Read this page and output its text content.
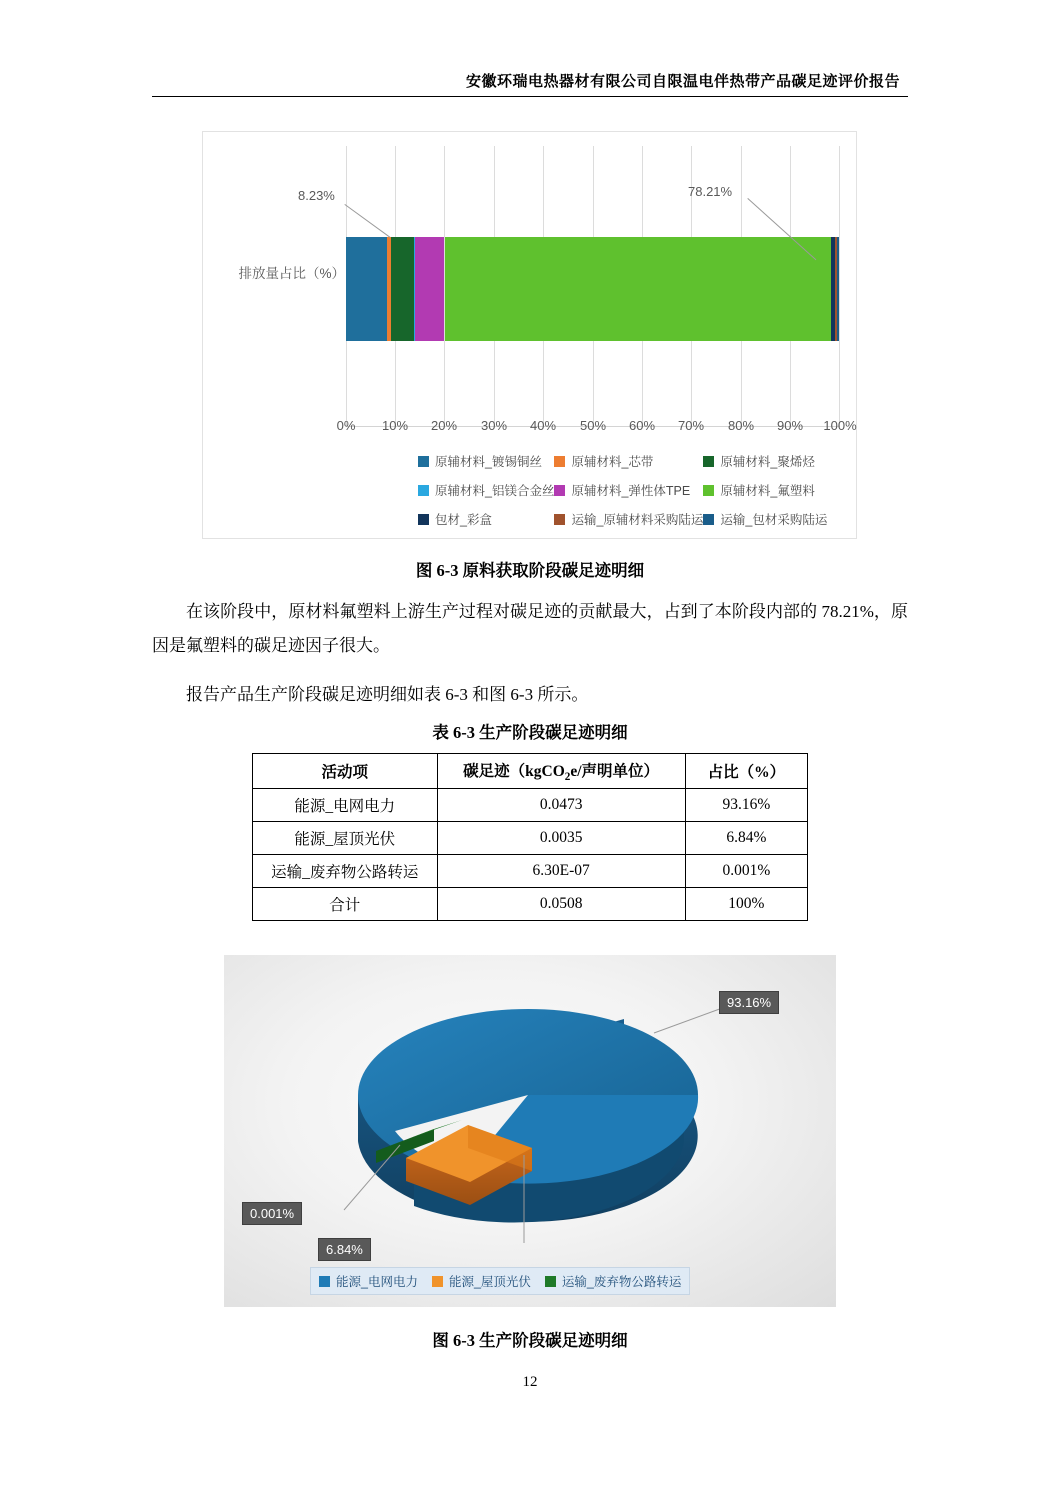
安徽环瑞电热器材有限公司自限温电伴热带产品碳足迹评价报告
排放量占比（%）
0% 10% 20% 30% 40% 50% 60% 70% 80% 90% 100%
8.23%	78.21%
原辅材料_镀锡铜丝 原辅材料_芯带	原辅材料_聚烯烃
原辅材料_铝镁合金丝 原辅材料_弹性体TPE 原辅材料_氟塑料
包材_彩盒	运输_原辅材料采购陆运 运输_包材采购陆运
图 6-3 原料获取阶段碳足迹明细
在该阶段中，原材料氟塑料上游生产过程对碳足迹的贡献最大，占到了本阶段内部的 78.21%，原因是氟塑料的碳足迹因子很大。
报告产品生产阶段碳足迹明细如表 6-3 和图 6-3 所示。
表 6-3 生产阶段碳足迹明细
活动项	碳足迹（kgCO$_2$e/声明单位）	占比（%）
能源_电网电力	0.0473	93.16%
能源_屋顶光伏	0.0035	6.84%
运输_废弃物公路转运	6.30E-07	0.001%
合计	0.0508	100%
93.16%
6.84%
0.001%
能源_电网电力 能源_屋顶光伏 运输_废弃物公路转运
图 6-3 生产阶段碳足迹明细
12
